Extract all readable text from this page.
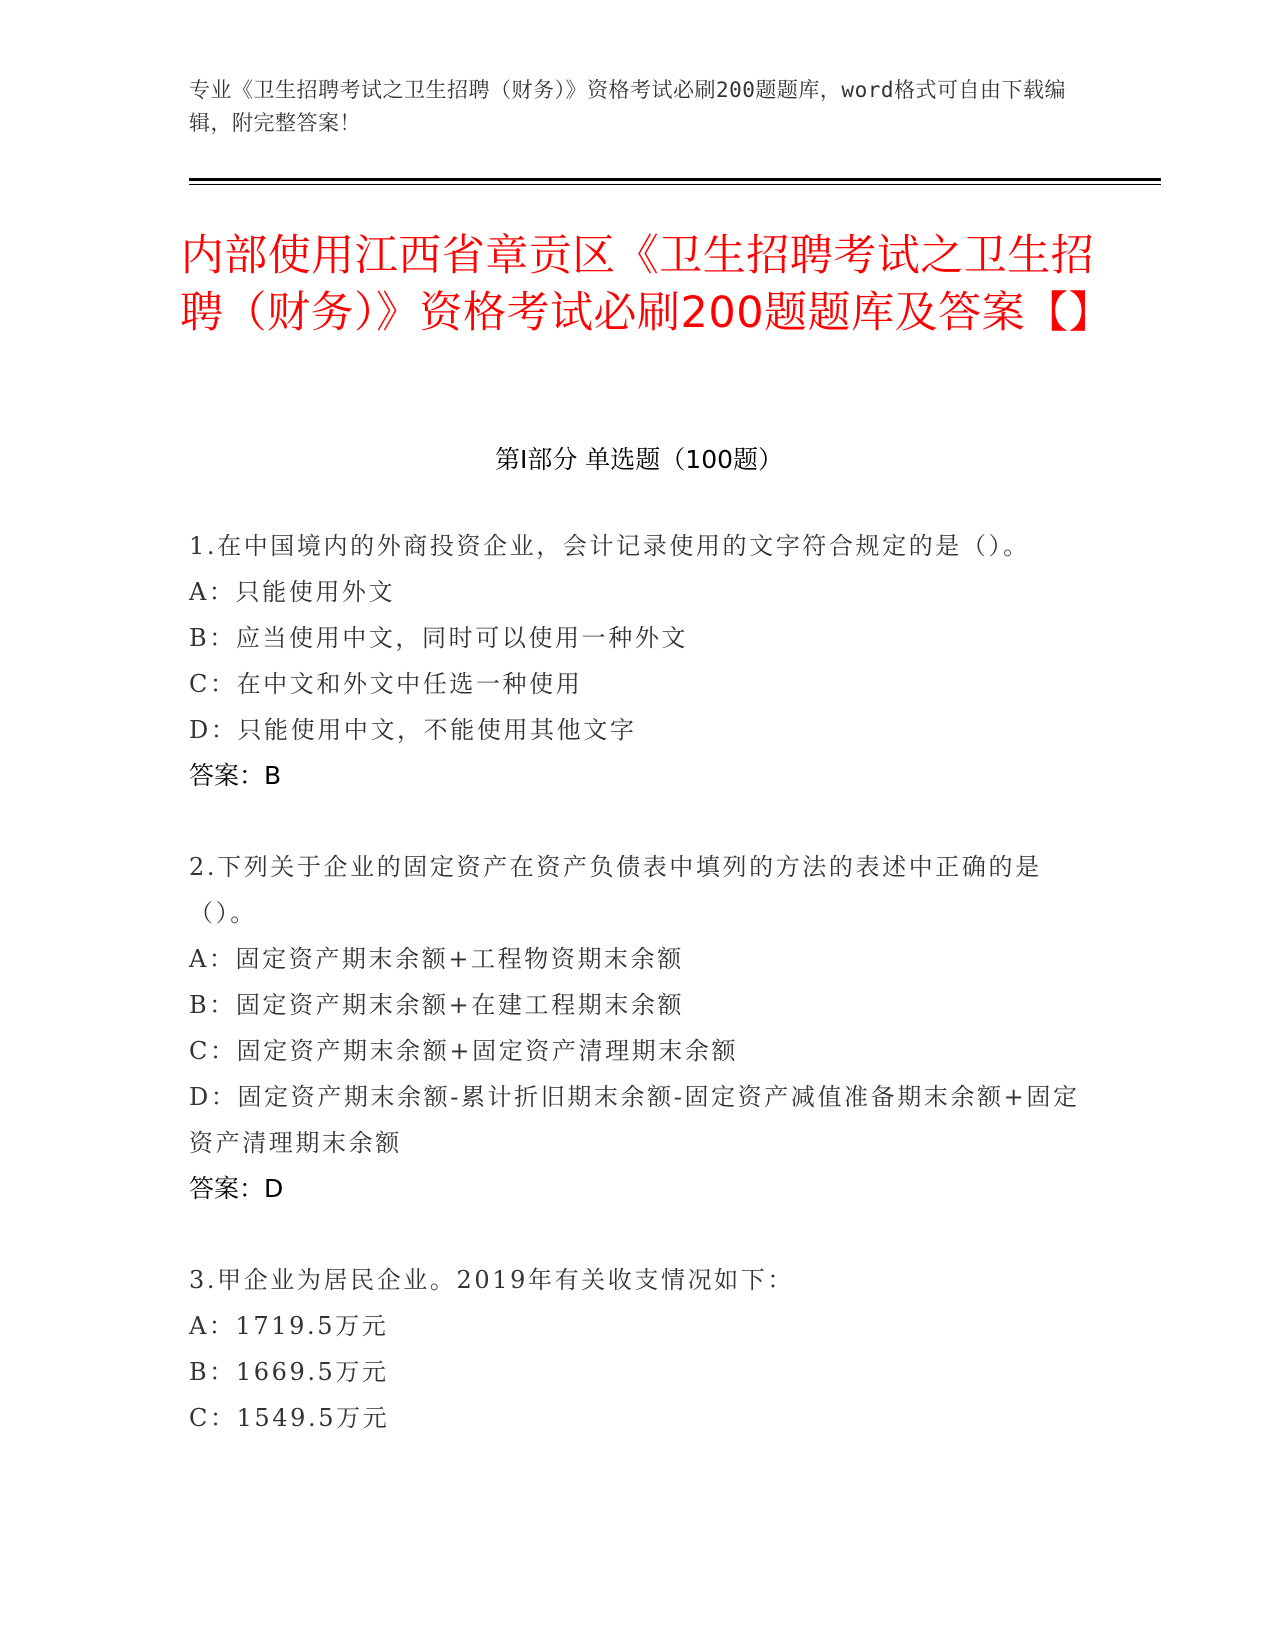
专业《卫生招聘考试之卫生招聘（财务）》资格考试必刷200题题库，word格式可自由下载编辑，附完整答案！
内部使用江西省章贡区《卫生招聘考试之卫生招聘（财务）》资格考试必刷200题题库及答案【】
第I部分 单选题（100题）

1.在中国境内的外商投资企业，会计记录使用的文字符合规定的是（）。

A：只能使用外文

B：应当使用中文，同时可以使用一种外文

C：在中文和外文中任选一种使用

D：只能使用中文，不能使用其他文字

答案：B

2.下列关于企业的固定资产在资产负债表中填列的方法的表述中正确的是（）。

A：固定资产期末余额+工程物资期末余额

B：固定资产期末余额+在建工程期末余额

C：固定资产期末余额+固定资产清理期末余额

D：固定资产期末余额-累计折旧期末余额-固定资产减值准备期末余额+固定资产清理期末余额

答案：D

3.甲企业为居民企业。2019年有关收支情况如下：

A：1719.5万元

B：1669.5万元

C：1549.5万元
